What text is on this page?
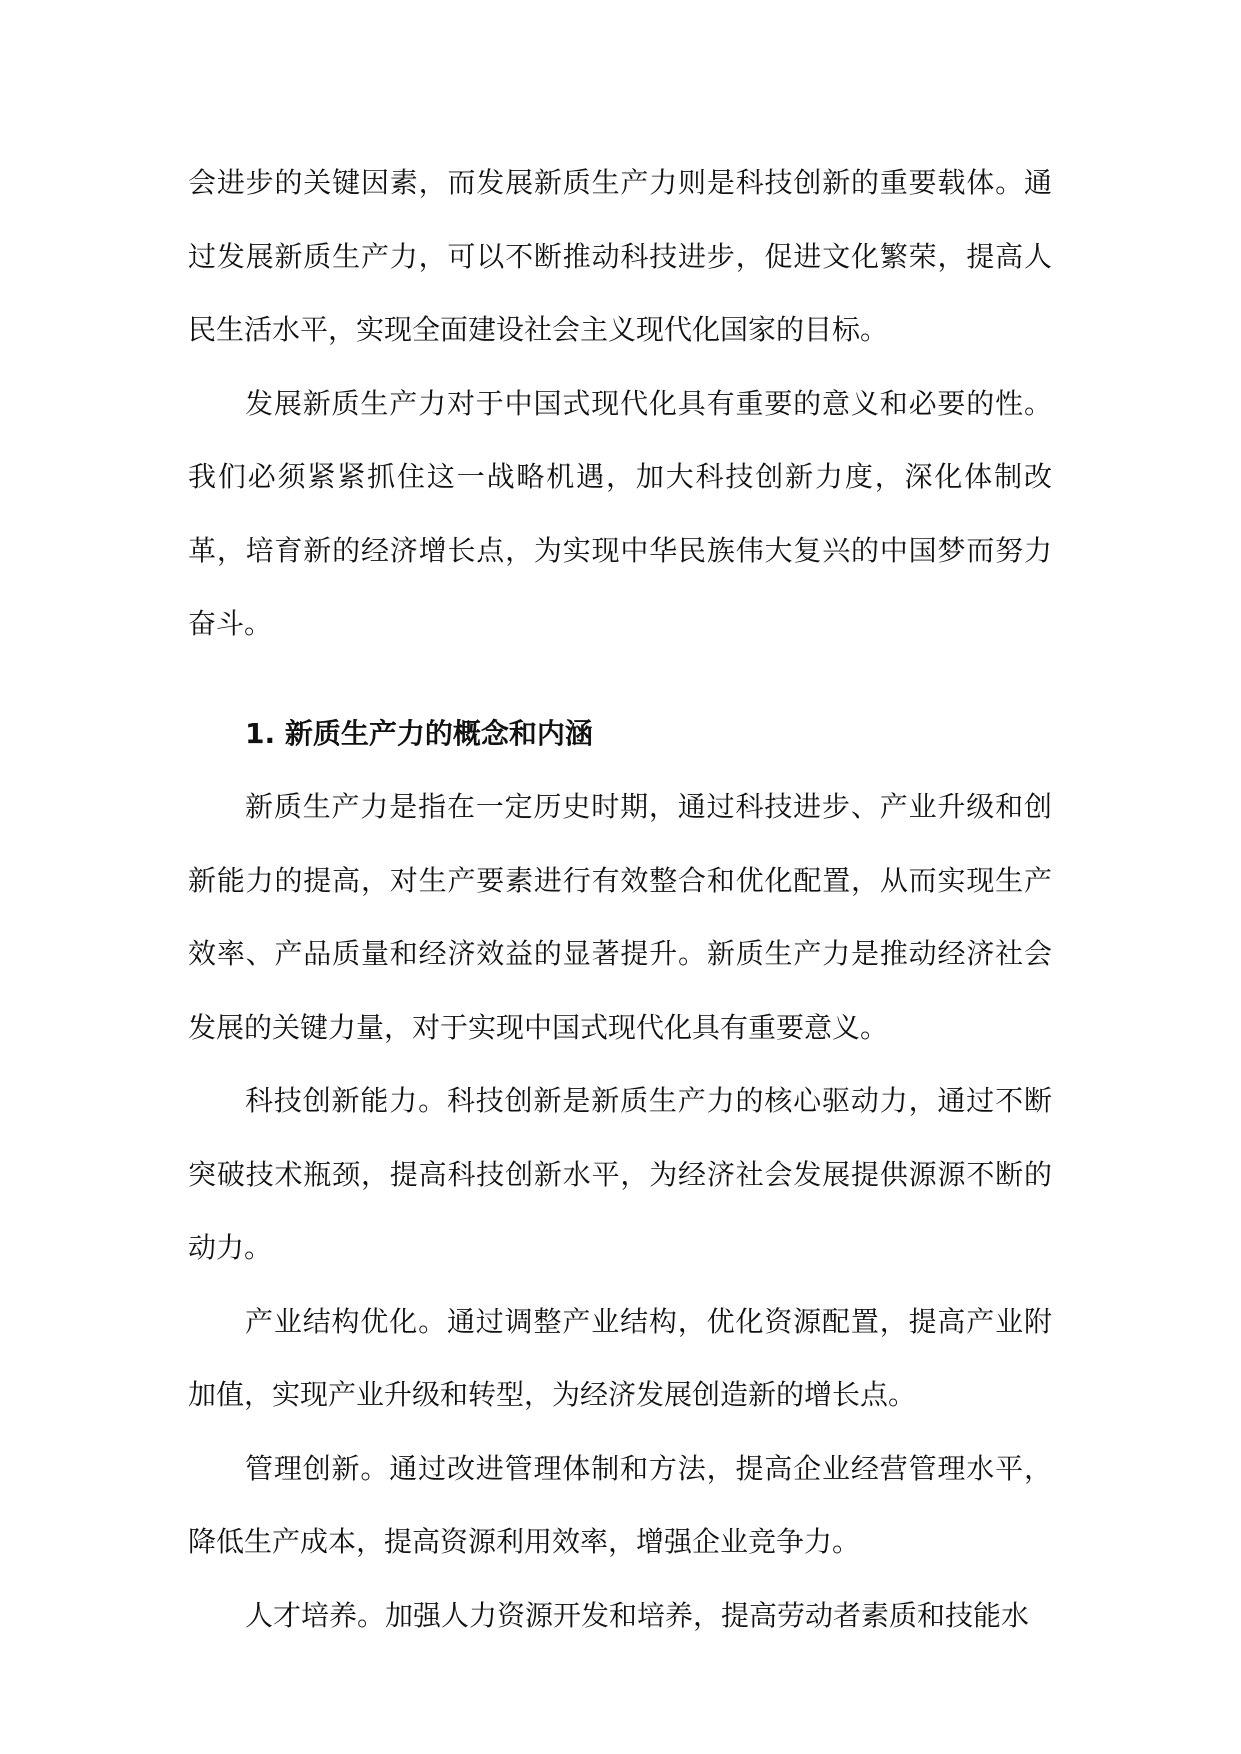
会进步的关键因素，而发展新质生产力则是科技创新的重要载体。通过发展新质生产力，可以不断推动科技进步，促进文化繁荣，提高人民生活水平，实现全面建设社会主义现代化国家的目标。

发展新质生产力对于中国式现代化具有重要的意义和必要的性。我们必须紧紧抓住这一战略机遇，加大科技创新力度，深化体制改革，培育新的经济增长点，为实现中华民族伟大复兴的中国梦而努力奋斗。

1. 新质生产力的概念和内涵

新质生产力是指在一定历史时期，通过科技进步、产业升级和创新能力的提高，对生产要素进行有效整合和优化配置，从而实现生产效率、产品质量和经济效益的显著提升。新质生产力是推动经济社会发展的关键力量，对于实现中国式现代化具有重要意义。

科技创新能力。科技创新是新质生产力的核心驱动力，通过不断突破技术瓶颈，提高科技创新水平，为经济社会发展提供源源不断的动力。

产业结构优化。通过调整产业结构，优化资源配置，提高产业附加值，实现产业升级和转型，为经济发展创造新的增长点。

管理创新。通过改进管理体制和方法，提高企业经营管理水平，降低生产成本，提高资源利用效率，增强企业竞争力。

人才培养。加强人力资源开发和培养，提高劳动者素质和技能水
